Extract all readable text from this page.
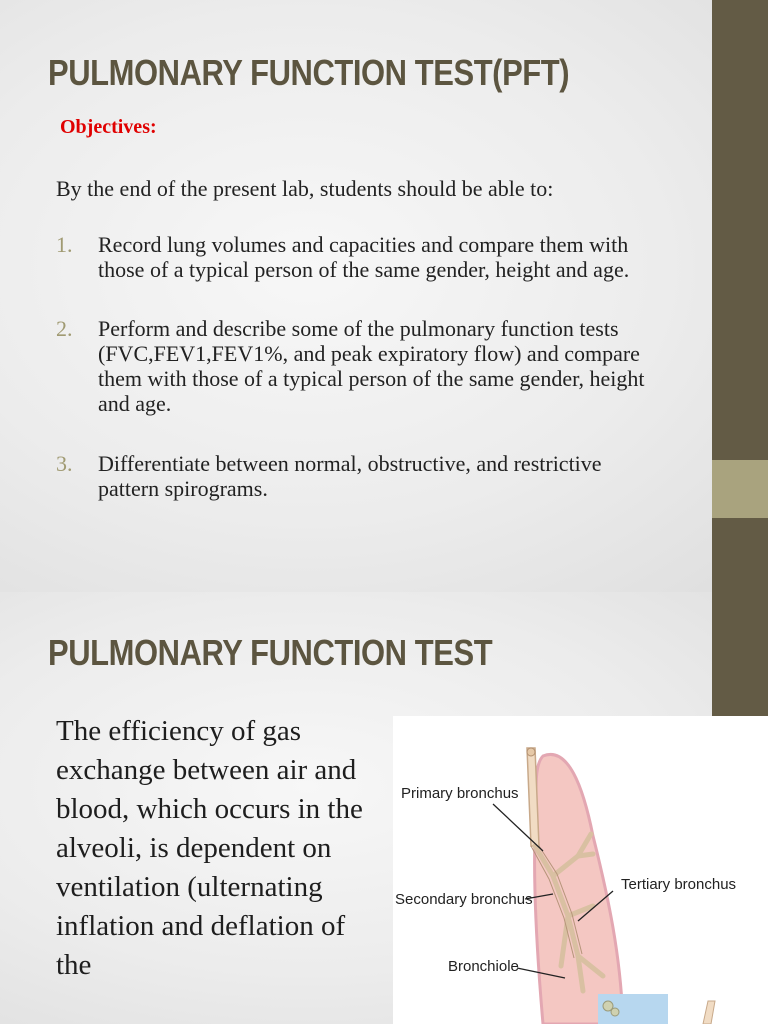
PULMONARY FUNCTION TEST(PFT)
Objectives:
By the end of the present lab, students should be able to:
1. Record lung volumes and capacities and compare them with those of a typical person of the same gender, height and age.
2. Perform and describe some of the pulmonary function tests (FVC,FEV1,FEV1%, and peak expiratory flow) and compare them with those of a typical person of the same gender, height and age.
3. Differentiate between normal, obstructive, and restrictive pattern spirograms.
PULMONARY FUNCTION TEST

The efficiency of gas exchange between air and blood, which occurs in the alveoli, is dependent on ventilation (ulternating inflation and deflation of the

Primary bronchus
Secondary bronchus
Tertiary bronchus
Bronchiole
